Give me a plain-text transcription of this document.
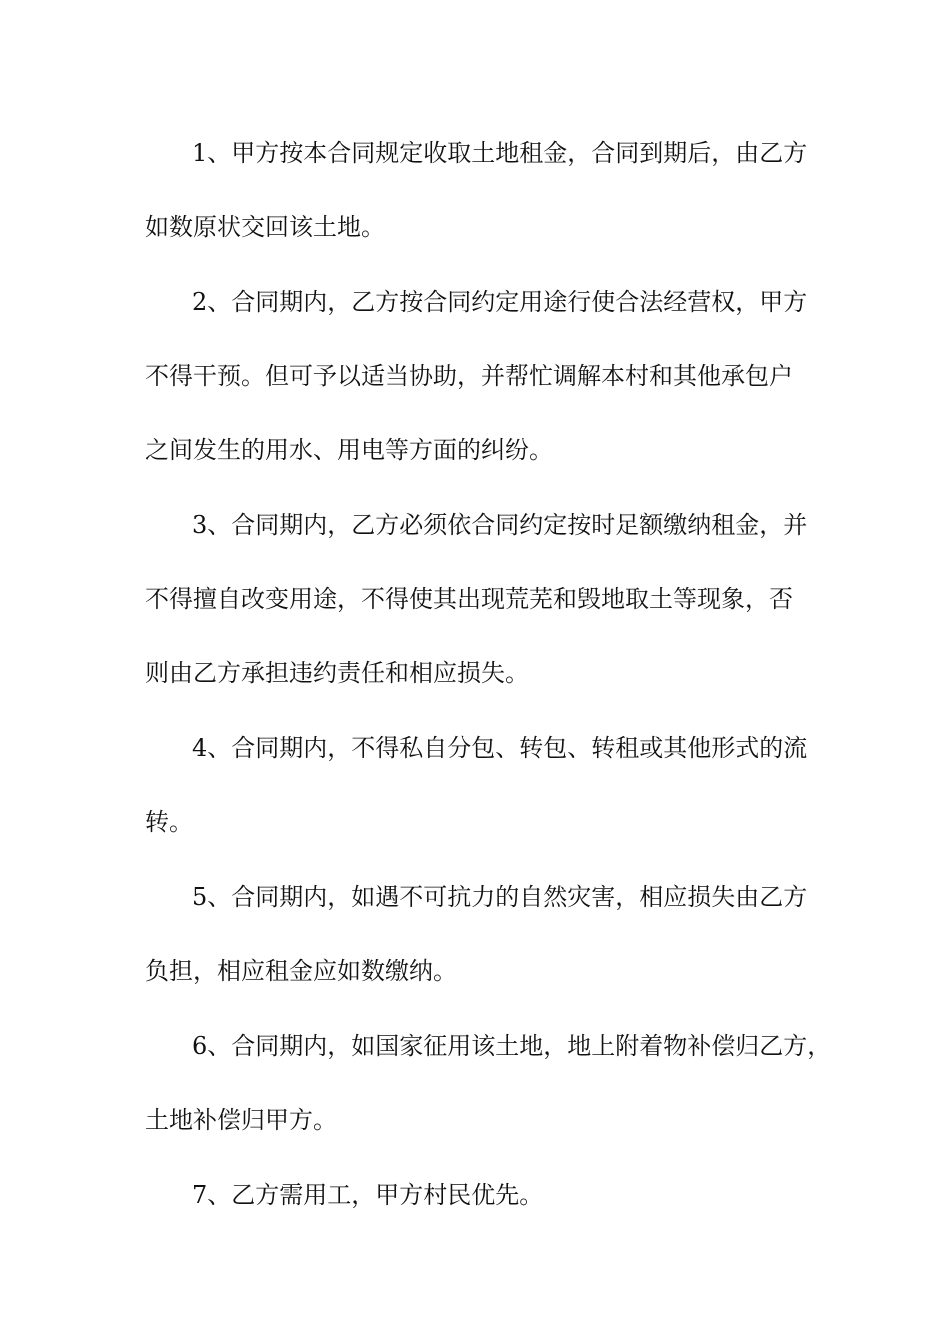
1、甲方按本合同规定收取土地租金，合同到期后，由乙方
如数原状交回该土地。
2、合同期内，乙方按合同约定用途行使合法经营权，甲方
不得干预。但可予以适当协助，并帮忙调解本村和其他承包户
之间发生的用水、用电等方面的纠纷。
3、合同期内，乙方必须依合同约定按时足额缴纳租金，并
不得擅自改变用途，不得使其出现荒芜和毁地取土等现象，否
则由乙方承担违约责任和相应损失。
4、合同期内，不得私自分包、转包、转租或其他形式的流
转。
5、合同期内，如遇不可抗力的自然灾害，相应损失由乙方
负担，相应租金应如数缴纳。
6、合同期内，如国家征用该土地，地上附着物补偿归乙方，
土地补偿归甲方。
7、乙方需用工，甲方村民优先。
